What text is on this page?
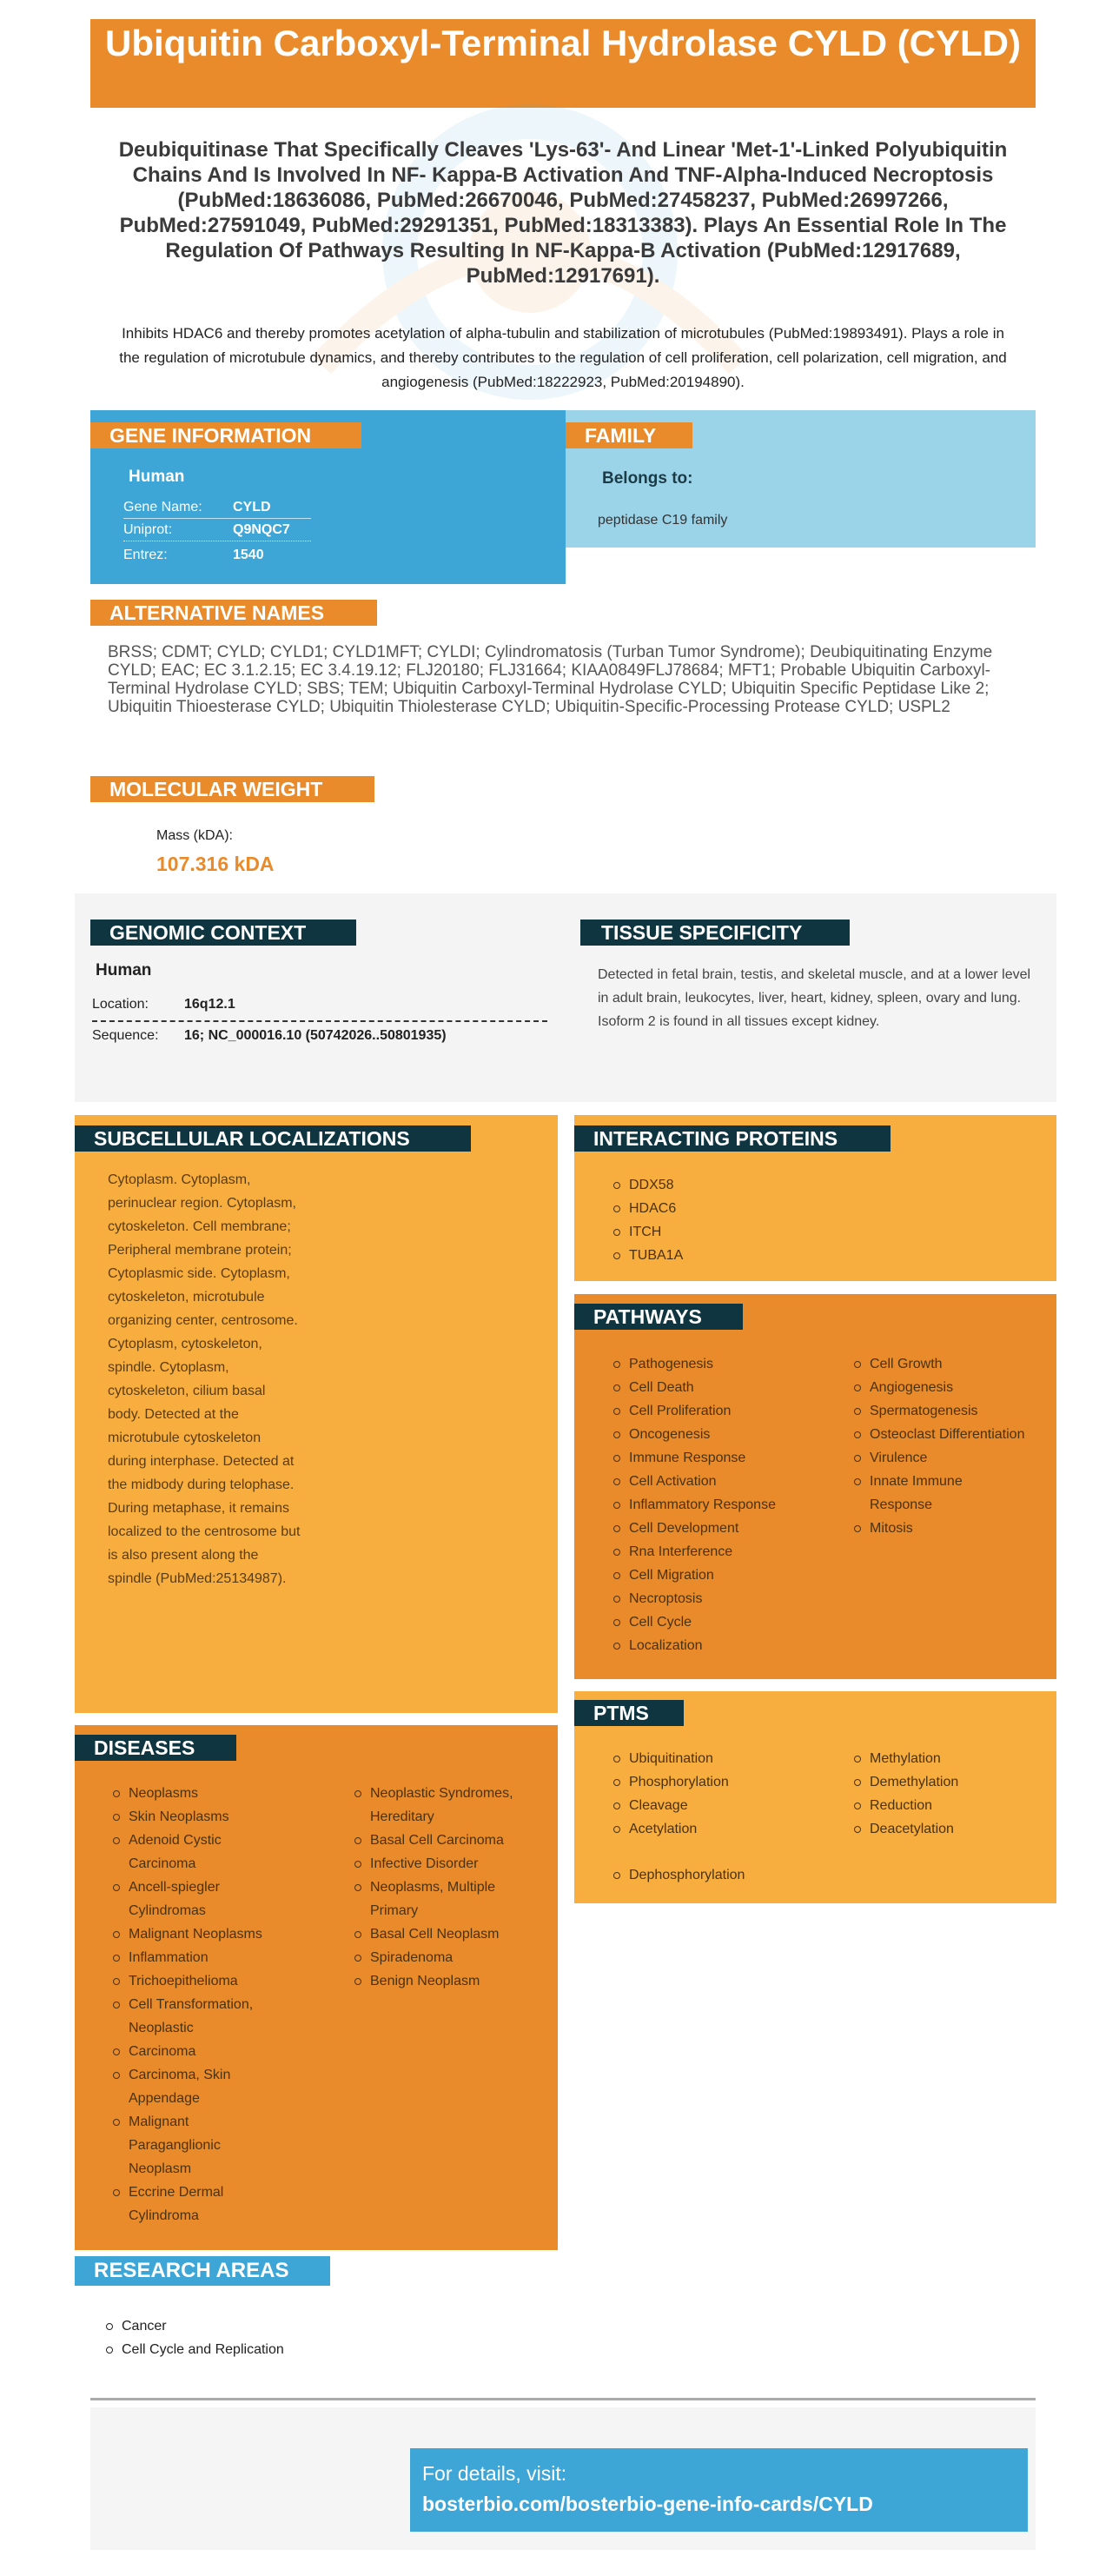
Ubiquitin Carboxyl-Terminal Hydrolase CYLD (CYLD)
Deubiquitinase That Specifically Cleaves 'Lys-63'- And Linear 'Met-1'-Linked Polyubiquitin Chains And Is Involved In NF- Kappa-B Activation And TNF-Alpha-Induced Necroptosis (PubMed:18636086, PubMed:26670046, PubMed:27458237, PubMed:26997266, PubMed:27591049, PubMed:29291351, PubMed:18313383). Plays An Essential Role In The Regulation Of Pathways Resulting In NF-Kappa-B Activation (PubMed:12917689, PubMed:12917691).
Inhibits HDAC6 and thereby promotes acetylation of alpha-tubulin and stabilization of microtubules (PubMed:19893491). Plays a role in the regulation of microtubule dynamics, and thereby contributes to the regulation of cell proliferation, cell polarization, cell migration, and angiogenesis (PubMed:18222923, PubMed:20194890).
GENE INFORMATION
Human
Gene Name:	CYLD
Uniprot:	Q9NQC7
Entrez:	1540
FAMILY
Belongs to:
peptidase C19 family
ALTERNATIVE NAMES
BRSS; CDMT; CYLD; CYLD1; CYLD1MFT; CYLDI; Cylindromatosis (Turban Tumor Syndrome); Deubiquitinating Enzyme CYLD; EAC; EC 3.1.2.15; EC 3.4.19.12; FLJ20180; FLJ31664; KIAA0849FLJ78684; MFT1; Probable Ubiquitin Carboxyl-Terminal Hydrolase CYLD; SBS; TEM; Ubiquitin Carboxyl-Terminal Hydrolase CYLD; Ubiquitin Specific Peptidase Like 2; Ubiquitin Thioesterase CYLD; Ubiquitin Thiolesterase CYLD; Ubiquitin-Specific-Processing Protease CYLD; USPL2
MOLECULAR WEIGHT
Mass (kDA):
107.316 kDA
GENOMIC CONTEXT
Human
Location:	16q12.1
Sequence:	16; NC_000016.10 (50742026..50801935)
TISSUE SPECIFICITY
Detected in fetal brain, testis, and skeletal muscle, and at a lower level in adult brain, leukocytes, liver, heart, kidney, spleen, ovary and lung. Isoform 2 is found in all tissues except kidney.
SUBCELLULAR LOCALIZATIONS
Cytoplasm. Cytoplasm, perinuclear region. Cytoplasm, cytoskeleton. Cell membrane; Peripheral membrane protein; Cytoplasmic side. Cytoplasm, cytoskeleton, microtubule organizing center, centrosome. Cytoplasm, cytoskeleton, spindle. Cytoplasm, cytoskeleton, cilium basal body. Detected at the microtubule cytoskeleton during interphase. Detected at the midbody during telophase. During metaphase, it remains localized to the centrosome but is also present along the spindle (PubMed:25134987).
INTERACTING PROTEINS
DDX58
HDAC6
ITCH
TUBA1A
PATHWAYS
Pathogenesis
Cell Death
Cell Proliferation
Oncogenesis
Immune Response
Cell Activation
Inflammatory Response
Cell Development
Rna Interference
Cell Migration
Necroptosis
Cell Cycle
Localization
Cell Growth
Angiogenesis
Spermatogenesis
Osteoclast Differentiation
Virulence
Innate Immune Response
Mitosis
PTMS
Ubiquitination
Phosphorylation
Cleavage
Acetylation
Methylation
Demethylation
Reduction
Deacetylation
Dephosphorylation
DISEASES
Neoplasms
Skin Neoplasms
Adenoid Cystic Carcinoma
Ancell-spiegler Cylindromas
Malignant Neoplasms
Inflammation
Trichoepithelioma
Cell Transformation, Neoplastic
Carcinoma
Carcinoma, Skin Appendage
Malignant Paraganglionic Neoplasm
Eccrine Dermal Cylindroma
Neoplastic Syndromes, Hereditary
Basal Cell Carcinoma
Infective Disorder
Neoplasms, Multiple Primary
Basal Cell Neoplasm
Spiradenoma
Benign Neoplasm
RESEARCH AREAS
Cancer
Cell Cycle and Replication
For details, visit:
bosterbio.com/bosterbio-gene-info-cards/CYLD
